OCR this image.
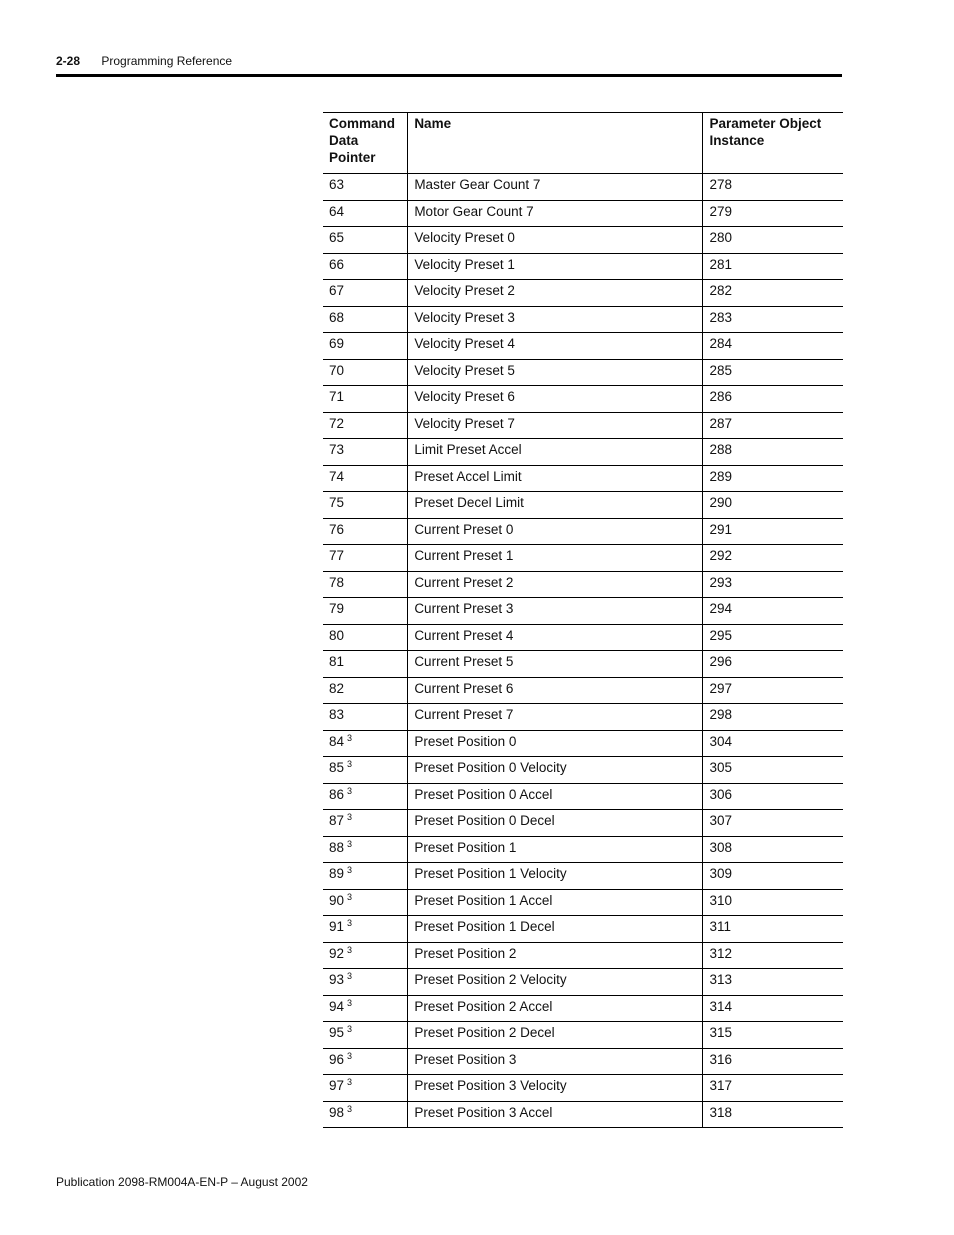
2-28 Programming Reference
Command Data Pointer	Name	Parameter Object Instance
63	Master Gear Count 7	278
64	Motor Gear Count 7	279
65	Velocity Preset 0	280
66	Velocity Preset 1	281
67	Velocity Preset 2	282
68	Velocity Preset 3	283
69	Velocity Preset 4	284
70	Velocity Preset 5	285
71	Velocity Preset 6	286
72	Velocity Preset 7	287
73	Limit Preset Accel	288
74	Preset Accel Limit	289
75	Preset Decel Limit	290
76	Current Preset 0	291
77	Current Preset 1	292
78	Current Preset 2	293
79	Current Preset 3	294
80	Current Preset 4	295
81	Current Preset 5	296
82	Current Preset 6	297
83	Current Preset 7	298
84 $^3$	Preset Position 0	304
85 $^3$	Preset Position 0 Velocity	305
86 $^3$	Preset Position 0 Accel	306
87 $^3$	Preset Position 0 Decel	307
88 $^3$	Preset Position 1	308
89 $^3$	Preset Position 1 Velocity	309
90 $^3$	Preset Position 1 Accel	310
91 $^3$	Preset Position 1 Decel	311
92 $^3$	Preset Position 2	312
93 $^3$	Preset Position 2 Velocity	313
94 $^3$	Preset Position 2 Accel	314
95 $^3$	Preset Position 2 Decel	315
96 $^3$	Preset Position 3	316
97 $^3$	Preset Position 3 Velocity	317
98 $^3$	Preset Position 3 Accel	318
Publication 2098-RM004A-EN-P – August 2002
